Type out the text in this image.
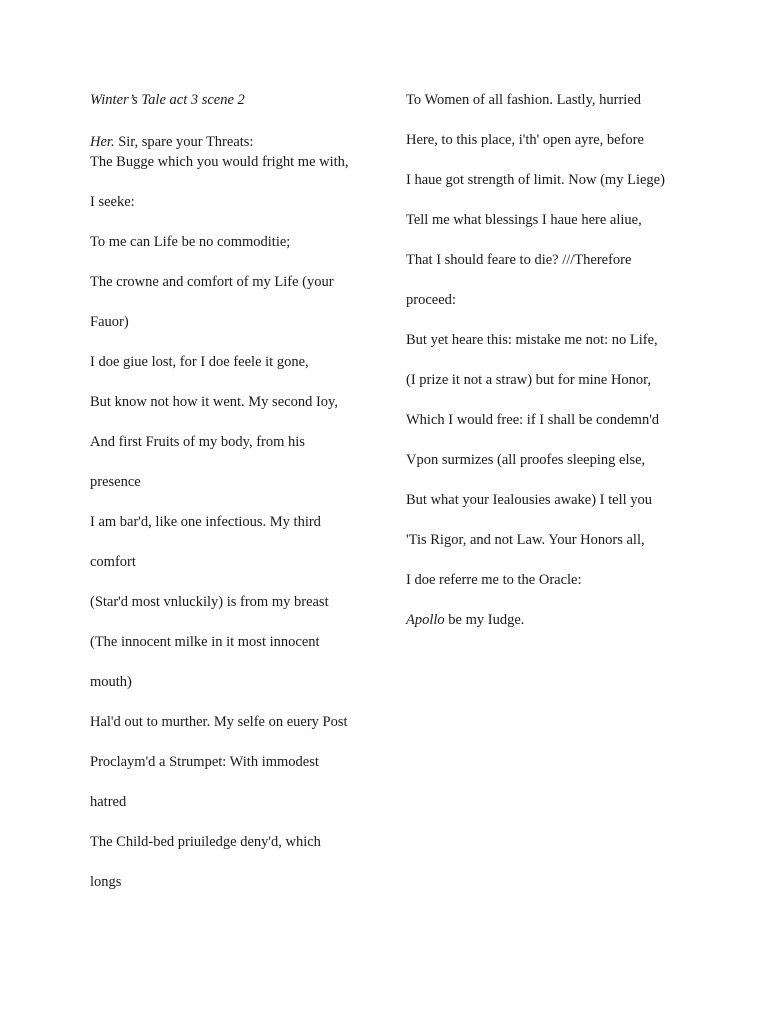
Winter’s Tale act 3 scene 2
Her. Sir, spare your Threats:
The Bugge which you would fright me with,
I seeke:
To me can Life be no commoditie;
The crowne and comfort of my Life (your
Fauor)
I doe giue lost, for I doe feele it gone,
But know not how it went. My second Ioy,
And first Fruits of my body, from his
presence
I am bar'd, like one infectious. My third
comfort
(Star'd most vnluckily) is from my breast
(The innocent milke in it most innocent
mouth)
Hal'd out to murther. My selfe on euery Post
Proclaym'd a Strumpet: With immodest
hatred
The Child-bed priuiledge deny'd, which
longs
To Women of all fashion. Lastly, hurried
Here, to this place, i'th' open ayre, before
I haue got strength of limit. Now (my Liege)
Tell me what blessings I haue here aliue,
That I should feare to die? ///Therefore
proceed:
But yet heare this: mistake me not: no Life,
(I prize it not a straw) but for mine Honor,
Which I would free: if I shall be condemn'd
Vpon surmizes (all proofes sleeping else,
But what your Iealousies awake) I tell you
'Tis Rigor, and not Law. Your Honors all,
I doe referre me to the Oracle:
Apollo be my Iudge.
